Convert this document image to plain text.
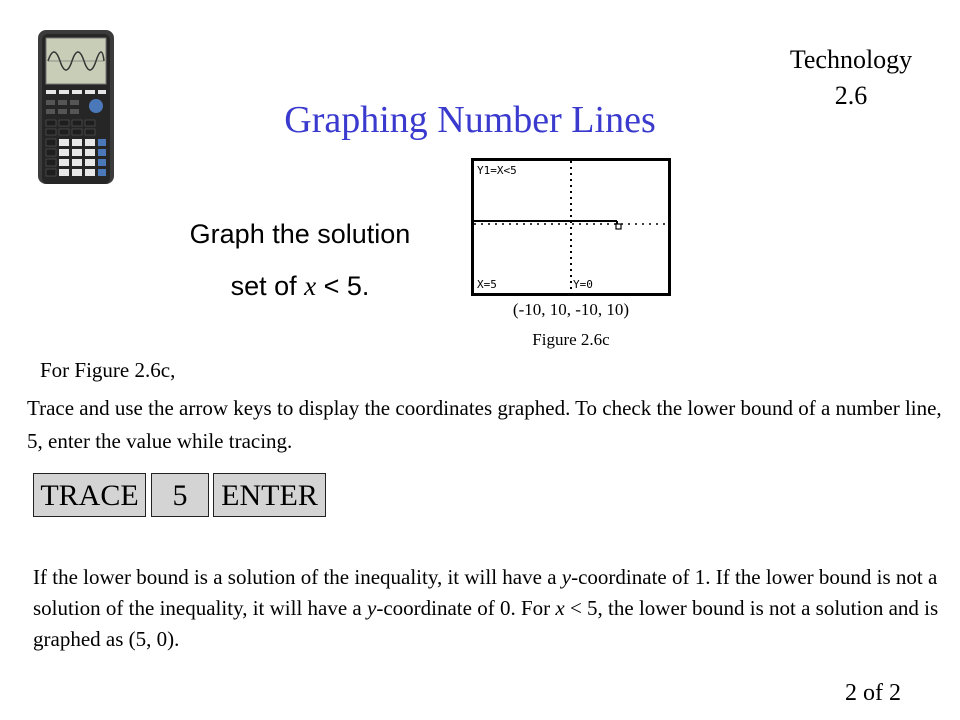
Technology
2.6
Graphing Number Lines
Graph the solution
set of x < 5.
Y1=X<5
X=5	Y=0
(-10, 10, -10, 10)
Figure 2.6c
For Figure 2.6c,
Trace and use the arrow keys to display the coordinates graphed. To check the lower bound of a number line, 5, enter the value while tracing.
TRACE	5	ENTER
If the lower bound is a solution of the inequality, it will have a y-coordinate of 1. If the lower bound is not a solution of the inequality, it will have a y-coordinate of 0. For x < 5, the lower bound is not a solution and is graphed as (5, 0).
2 of 2
